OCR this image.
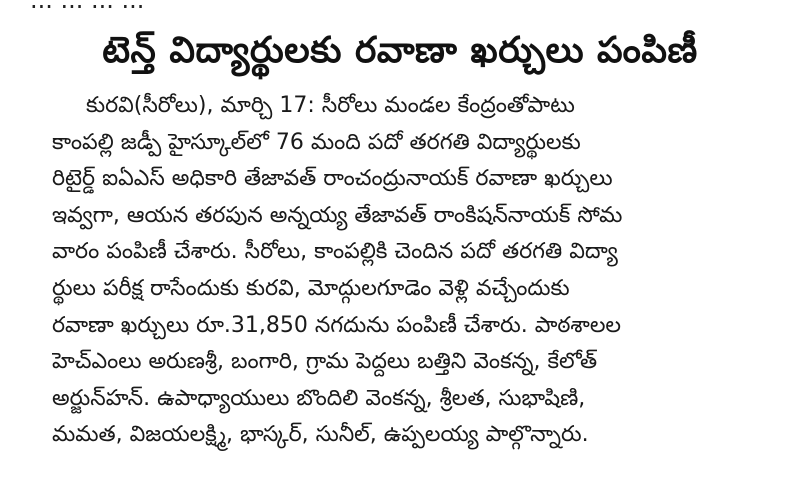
... ... ... ...
టెన్త్ విద్యార్థులకు రవాణా ఖర్చులు పంపిణీ
కురవి(సీరోలు), మార్చి 17: సీరోలు మండల కేంద్రంతోపాటు
కాంపల్లి జడ్పీ హైస్కూల్‌లో 76 మంది పదో తరగతి విద్యార్థులకు
రిటైర్డ్ ఐఏఎస్ అధికారి తేజావత్ రాంచంద్రునాయక్ రవాణా ఖర్చులు
ఇవ్వగా, ఆయన తరపున అన్నయ్య తేజావత్ రాంకిషన్‌నాయక్ సోమ
వారం పంపిణీ చేశారు. సీరోలు, కాంపల్లికి చెందిన పదో తరగతి విద్యా
ర్థులు పరీక్ష రాసేందుకు కురవి, మోద్గులగూడెం వెళ్లి వచ్చేందుకు
రవాణా ఖర్చులు రూ.31,850 నగదును పంపిణీ చేశారు. పాఠశాలల
హెచ్‌ఎంలు అరుణశ్రీ, బంగారి, గ్రామ పెద్దలు బత్తిని వెంకన్న, కేలోత్
అర్జున్‌హన్. ఉపాధ్యాయులు బొందిలి వెంకన్న, శ్రీలత, సుభాషిణి,
మమత, విజయలక్ష్మి, భాస్కర్, సునీల్, ఉప్పలయ్య పాల్గొన్నారు.
